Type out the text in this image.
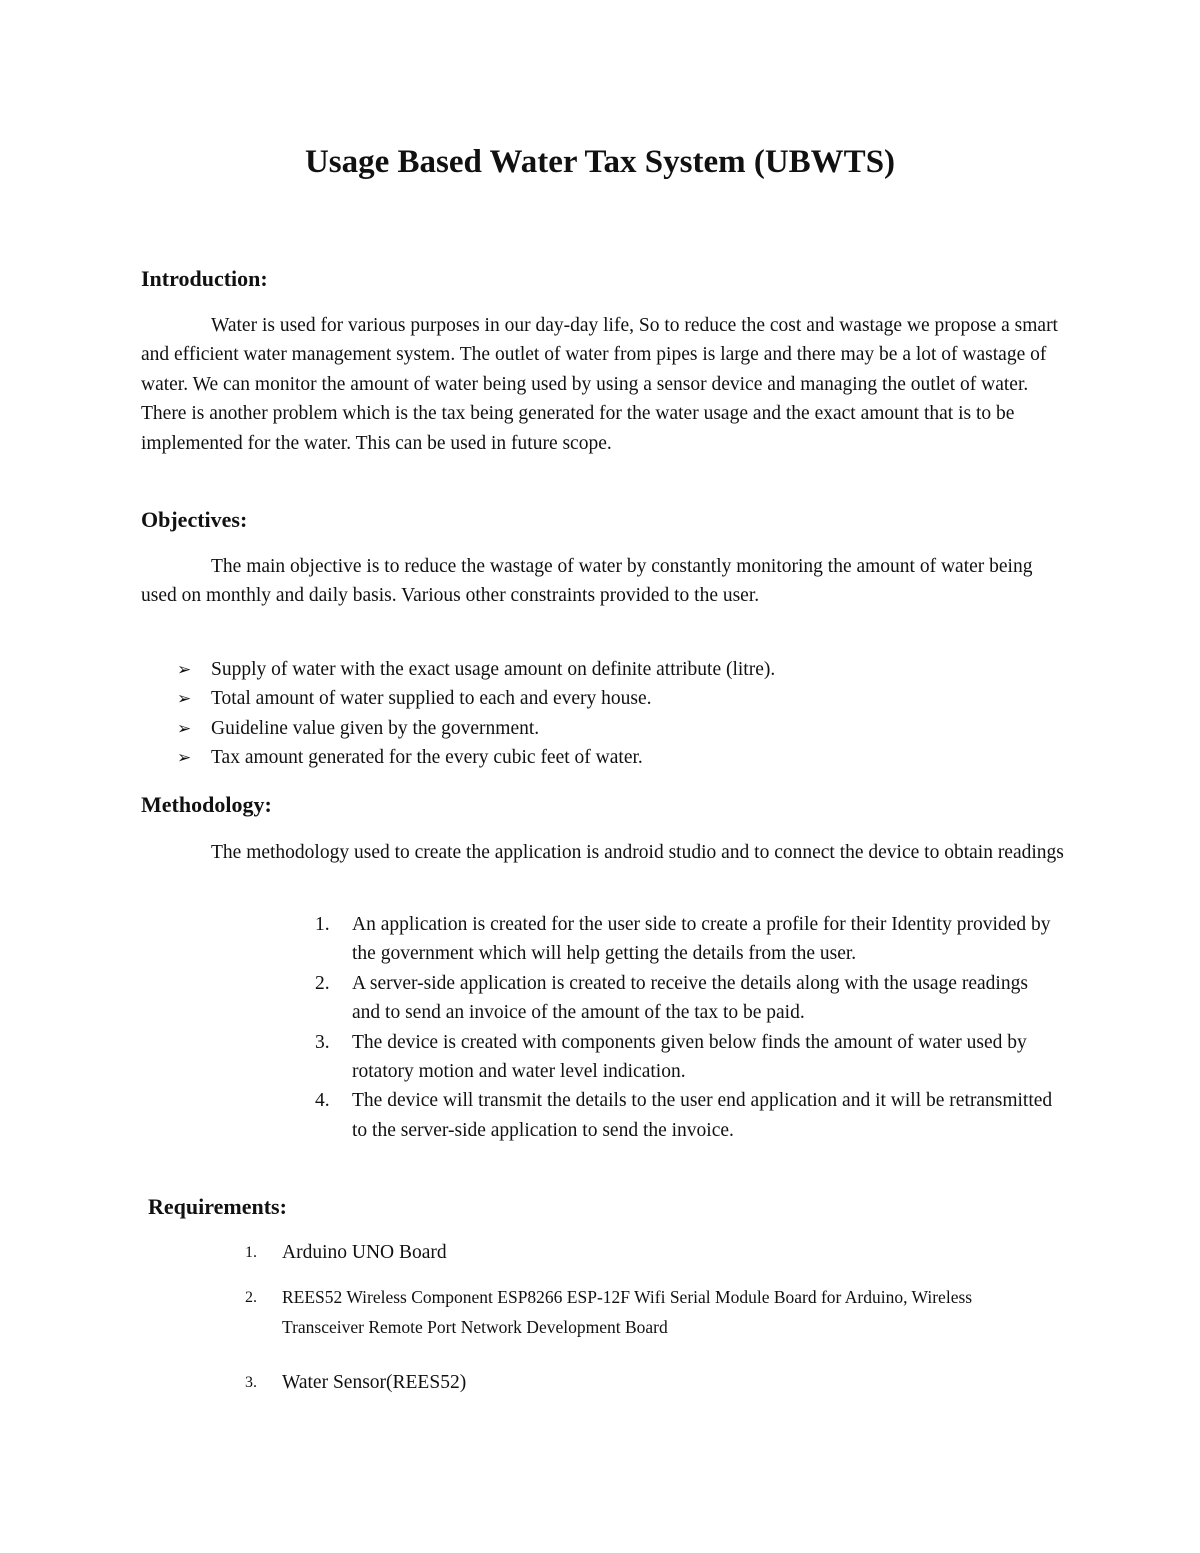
Usage Based Water Tax System (UBWTS)
Introduction:

Water is used for various purposes in our day-day life, So to reduce the cost and wastage we propose a smart and efficient water management system. The outlet of water from pipes is large and there may be a lot of wastage of water. We can monitor the amount of water being used by using a sensor device and managing the outlet of water. There is another problem which is the tax being generated for the water usage and the exact amount that is to be implemented for the water. This can be used in future scope.

Objectives:

The main objective is to reduce the wastage of water by constantly monitoring the amount of water being used on monthly and daily basis. Various other constraints provided to the user.

➢ Supply of water with the exact usage amount on definite attribute (litre).
➢ Total amount of water supplied to each and every house.
➢ Guideline value given by the government.
➢ Tax amount generated for the every cubic feet of water.
Methodology:

The methodology used to create the application is android studio and to connect the device to obtain readings

1. An application is created for the user side to create a profile for their Identity provided by the government which will help getting the details from the user.
2. A server-side application is created to receive the details along with the usage readings and to send an invoice of the amount of the tax to be paid.
3. The device is created with components given below finds the amount of water used by rotatory motion and water level indication.
4. The device will transmit the details to the user end application and it will be retransmitted to the server-side application to send the invoice.
Requirements:
1. Arduino UNO Board
2. REES52 Wireless Component ESP8266 ESP-12F Wifi Serial Module Board for Arduino, Wireless Transceiver Remote Port Network Development Board
3. Water Sensor(REES52)
